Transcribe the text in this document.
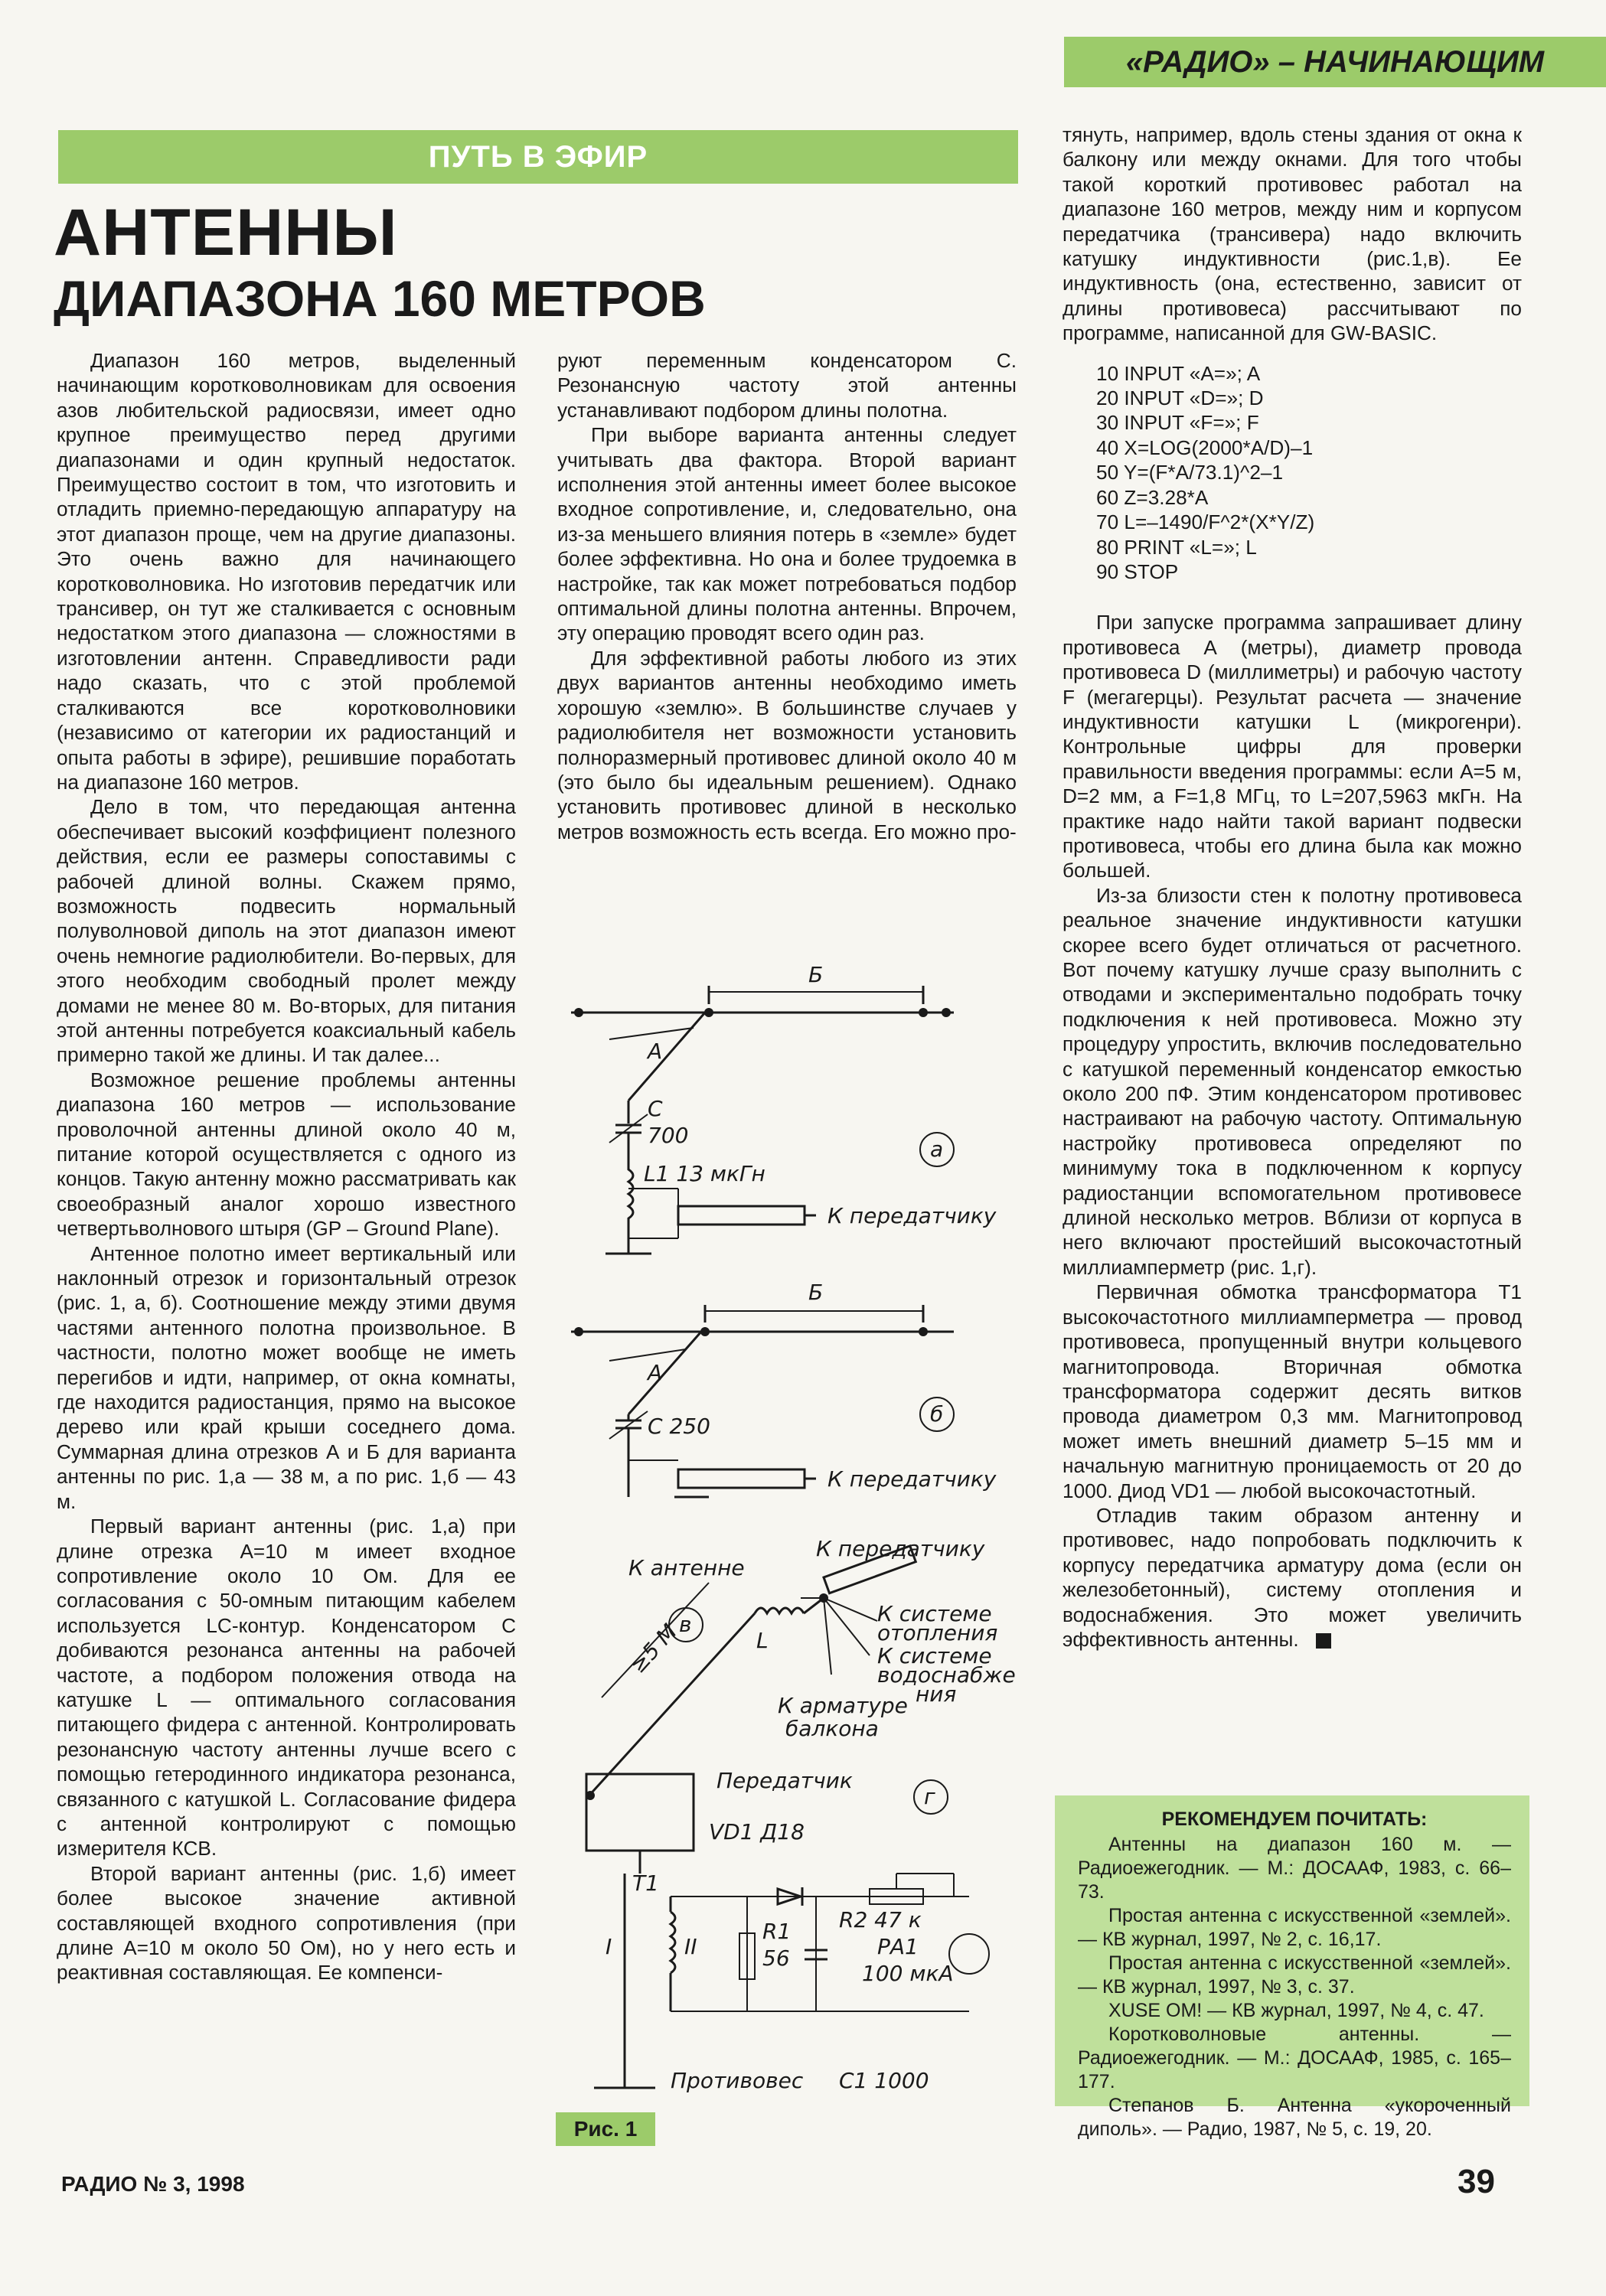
«РАДИО» – НАЧИНАЮЩИМ
ПУТЬ В ЭФИР
АНТЕННЫ
ДИАПАЗОНА 160 МЕТРОВ

Диапазон 160 метров, выделенный начинающим коротковолновикам для освоения азов любительской радиосвязи, имеет одно крупное преимущество перед другими диапазонами и один крупный недостаток. Преимущество состоит в том, что изготовить и отладить приемно-передающую аппаратуру на этот диапазон проще, чем на другие диапазоны. Это очень важно для начинающего коротковолновика. Но изготовив передатчик или трансивер, он тут же сталкивается с основным недостатком этого диапазона — сложностями в изготовлении антенн. Справедливости ради надо сказать, что с этой проблемой сталкиваются все коротковолновики (независимо от категории их радиостанций и опыта работы в эфире), решившие поработать на диапазоне 160 метров.

Дело в том, что передающая антенна обеспечивает высокий коэффициент полезного действия, если ее размеры сопоставимы с рабочей длиной волны. Скажем прямо, возможность подвесить нормальный полуволновой диполь на этот диапазон имеют очень немногие радиолюбители. Во-первых, для этого необходим свободный пролет между домами не менее 80 м. Во-вторых, для питания этой антенны потребуется коаксиальный кабель примерно такой же длины. И так далее...

Возможное решение проблемы антенны диапазона 160 метров — использование проволочной антенны длиной около 40 м, питание которой осуществляется с одного из концов. Такую антенну можно рассматривать как своеобразный аналог хорошо известного четвертьволнового штыря (GP – Ground Plane).

Антенное полотно имеет вертикальный или наклонный отрезок и горизонтальный отрезок (рис. 1, а, б). Соотношение между этими двумя частями антенного полотна произвольное. В частности, полотно может вообще не иметь перегибов и идти, например, от окна комнаты, где находится радиостанция, прямо на высокое дерево или край крыши соседнего дома. Суммарная длина отрезков А и Б для варианта антенны по рис. 1,а — 38 м, а по рис. 1,б — 43 м.

Первый вариант антенны (рис. 1,а) при длине отрезка А=10 м имеет входное сопротивление около 10 Ом. Для ее согласования с 50-омным питающим кабелем используется LC-контур. Конденсатором С добиваются резонанса антенны на рабочей частоте, а подбором положения отвода на катушке L — оптимального согласования питающего фидера с антенной. Контролировать резонансную частоту антенны лучше всего с помощью гетеродинного индикатора резонанса, связанного с катушкой L. Согласование фидера с антенной контролируют с помощью измерителя КСВ.

Второй вариант антенны (рис. 1,б) имеет более высокое значение активной составляющей входного сопротивления (при длине А=10 м около 50 Ом), но у него есть и реактивная составляющая. Ее компенси-

руют переменным конденсатором С. Резонансную частоту этой антенны устанавливают подбором длины полотна.

При выборе варианта антенны следует учитывать два фактора. Второй вариант исполнения этой антенны имеет более высокое входное сопротивление, и, следовательно, она из-за меньшего влияния потерь в «земле» будет более эффективна. Но она и более трудоемка в настройке, так как может потребоваться подбор оптимальной длины полотна антенны. Впрочем, эту операцию проводят всего один раз.

Для эффективной работы любого из этих двух вариантов антенны необходимо иметь хорошую «землю». В большинстве случаев у радиолюбителя нет возможности установить полноразмерный противовес длиной около 40 м (это было бы идеальным решением). Однако установить противовес длиной в несколько метров возможность есть всегда. Его можно про-

тянуть, например, вдоль стены здания от окна к балкону или между окнами. Для того чтобы такой короткий противовес работал на диапазоне 160 метров, между ним и корпусом передатчика (трансивера) надо включить катушку индуктивности (рис.1,в). Ее индуктивность (она, естественно, зависит от длины противовеса) рассчитывают по программе, написанной для GW-BASIC.

10 INPUT «A=»; A
20 INPUT «D=»; D
30 INPUT «F=»; F
40 X=LOG(2000*A/D)–1
50 Y=(F*A/73.1)^2–1
60 Z=3.28*A
70 L=–1490/F^2*(X*Y/Z)
80 PRINT «L=»; L
90 STOP

При запуске программа запрашивает длину противовеса А (метры), диаметр провода противовеса D (миллиметры) и рабочую частоту F (мегагерцы). Результат расчета — значение индуктивности катушки L (микрогенри). Контрольные цифры для проверки правильности введения программы: если А=5 м, D=2 мм, а F=1,8 МГц, то L=207,5963 мкГн. На практике надо найти такой вариант подвески противовеса, чтобы его длина была как можно большей.

Из-за близости стен к полотну противовеса реальное значение индуктивности катушки скорее всего будет отличаться от расчетного. Вот почему катушку лучше сразу выполнить с отводами и экспериментально подобрать точку подключения к ней противовеса. Можно эту процедуру упростить, включив последовательно с катушкой переменный конденсатор емкостью около 200 пФ. Этим конденсатором противовес настраивают на рабочую частоту. Оптимальную настройку противовеса определяют по минимуму тока в подключенном к корпусу радиостанции вспомогательном противовесе длиной несколько метров. Вблизи от корпуса в него включают простейший высокочастотный миллиамперметр (рис. 1,г).

Первичная обмотка трансформатора Т1 высокочастотного миллиамперметра — провод противовеса, пропущенный внутри кольцевого магнитопровода. Вторичная обмотка трансформатора содержит десять витков провода диаметром 0,3 мм. Магнитопровод может иметь внешний диаметр 5–15 мм и начальную магнитную проницаемость от 20 до 1000. Диод VD1 — любой высокочастотный.

Отладив таким образом антенну и противовес, надо попробовать подключить к корпусу передатчика арматуру дома (если он железобетонный), систему отопления и водоснабжения. Это может увеличить эффективность антенны.

Б
А
С
700
L1 13 мкГн
К передатчику
а
Б
А
С 250
К передатчику
б
К антенне
К передатчику
К системе
отопления
К системе
водоснабже-
ния
К арматуре
балкона
≥5 М	L
в
Передатчик
VD1 Д18
Т1
I	II
R1
56
R2 47 к
РА1
100 мкА
Противовес С1 1000
г
Рис. 1
РЕКОМЕНДУЕМ ПОЧИТАТЬ:

Антенны на диапазон 160 м. — Радиоежегодник. — М.: ДОСААФ, 1983, с. 66–73.

Простая антенна с искусственной «землей». — КВ журнал, 1997, № 2, с. 16,17.

Простая антенна с искусственной «землей». — КВ журнал, 1997, № 3, с. 37.

XUSE OM! — КВ журнал, 1997, № 4, с. 47.

Коротковолновые антенны. — Радиоежегодник. — М.: ДОСААФ, 1985, с. 165–177.

Степанов Б. Антенна «укороченный диполь». — Радио, 1987, № 5, с. 19, 20.

РАДИО № 3, 1998	39
